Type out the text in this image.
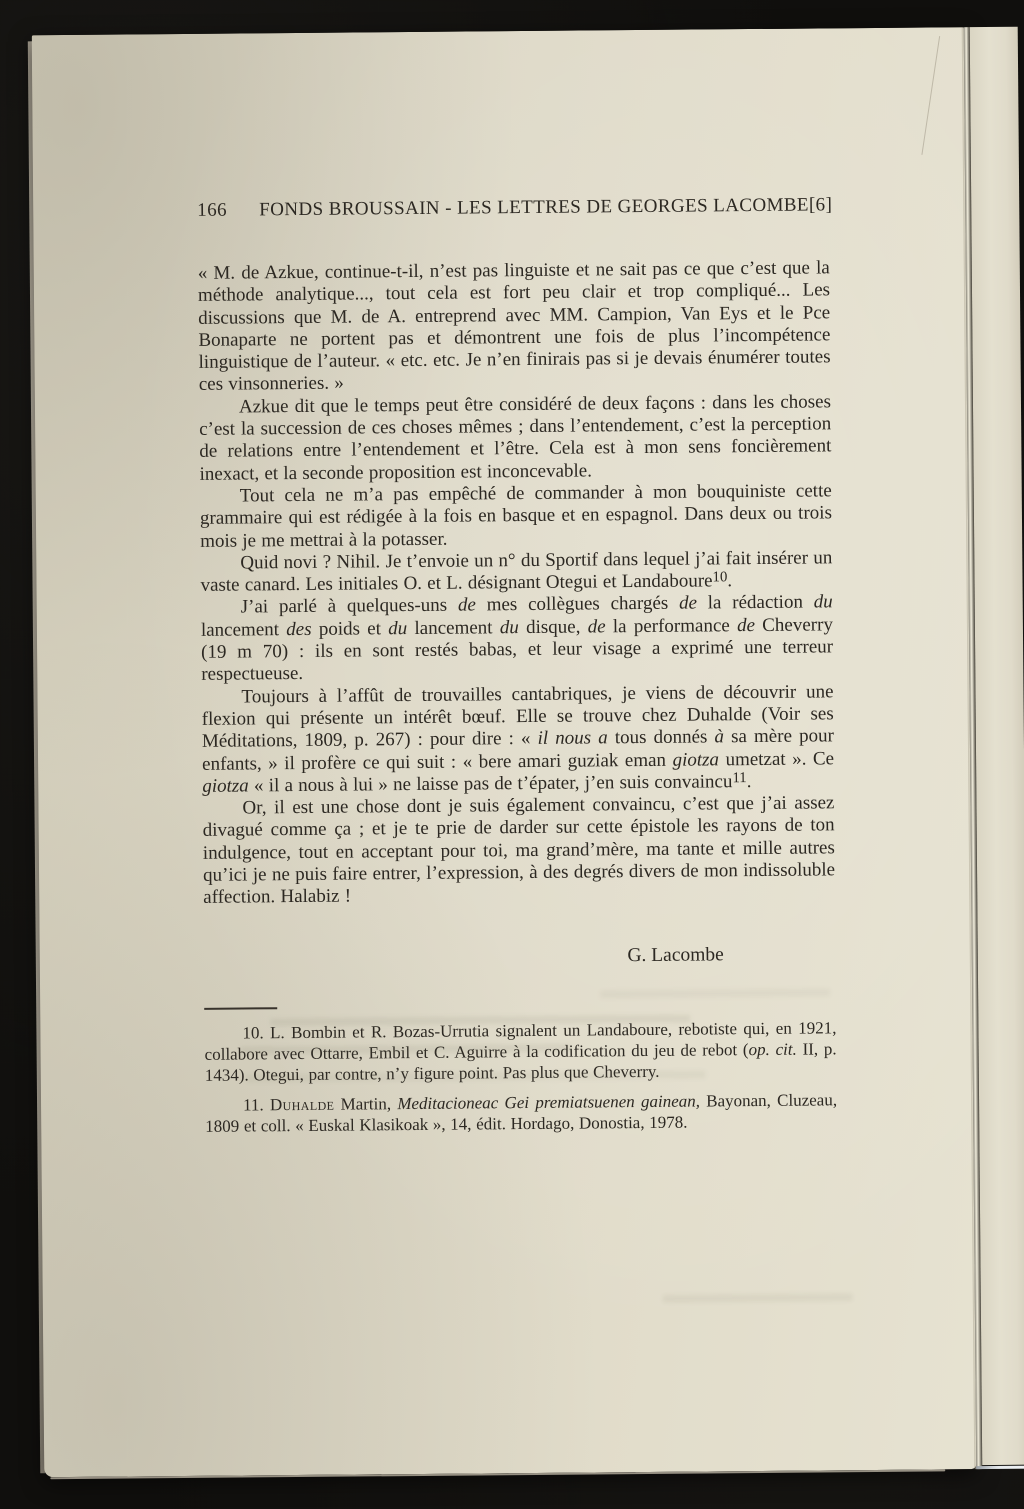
166	FONDS BROUSSAIN - LES LETTRES DE GEORGES LACOMBE [6]

« M. de Azkue, continue-t-il, n’est pas linguiste et ne sait pas ce que c’est que la méthode analytique..., tout cela est fort peu clair et trop compliqué... Les discussions que M. de A. entreprend avec MM. Campion, Van Eys et le Pce Bonaparte ne portent pas et démontrent une fois de plus l’incompétence linguistique de l’auteur. « etc. etc. Je n’en finirais pas si je devais énumérer toutes ces vinsonneries. »

Azkue dit que le temps peut être considéré de deux façons : dans les choses c’est la succession de ces choses mêmes ; dans l’entendement, c’est la perception de relations entre l’entendement et l’être. Cela est à mon sens foncièrement inexact, et la seconde proposition est inconcevable.

Tout cela ne m’a pas empêché de commander à mon bouquiniste cette grammaire qui est rédigée à la fois en basque et en espagnol. Dans deux ou trois mois je me mettrai à la potasser.

Quid novi ? Nihil. Je t’envoie un n° du Sportif dans lequel j’ai fait insérer un vaste canard. Les initiales O. et L. désignant Otegui et Landaboure$^{10}$.

J’ai parlé à quelques-uns de mes collègues chargés de la rédaction du lancement des poids et du lancement du disque, de la performance de Cheverry (19 m 70) : ils en sont restés babas, et leur visage a exprimé une terreur respectueuse.

Toujours à l’affût de trouvailles cantabriques, je viens de découvrir une flexion qui présente un intérêt bœuf. Elle se trouve chez Duhalde (Voir ses Méditations, 1809, p. 267) : pour dire : « il nous a tous donnés à sa mère pour enfants, » il profère ce qui suit : « bere amari guziak eman giotza umetzat ». Ce giotza « il a nous à lui » ne laisse pas de t’épater, j’en suis convaincu$^{11}$.

Or, il est une chose dont je suis également convaincu, c’est que j’ai assez divagué comme ça ; et je te prie de darder sur cette épistole les rayons de ton indulgence, tout en acceptant pour toi, ma grand’mère, ma tante et mille autres qu’ici je ne puis faire entrer, l’expression, à des degrés divers de mon indissoluble affection. Halabiz !

G. Lacombe

10. L. Bombin et R. Bozas-Urrutia signalent un Landaboure, rebotiste qui, en 1921, collabore avec Ottarre, Embil et C. Aguirre à la codification du jeu de rebot (op. cit. II, p. 1434). Otegui, par contre, n’y figure point. Pas plus que Cheverry.

11. Duhalde Martin, Meditacioneac Gei premiatsuenen gainean, Bayonan, Cluzeau, 1809 et coll. « Euskal Klasikoak », 14, édit. Hordago, Donostia, 1978.
